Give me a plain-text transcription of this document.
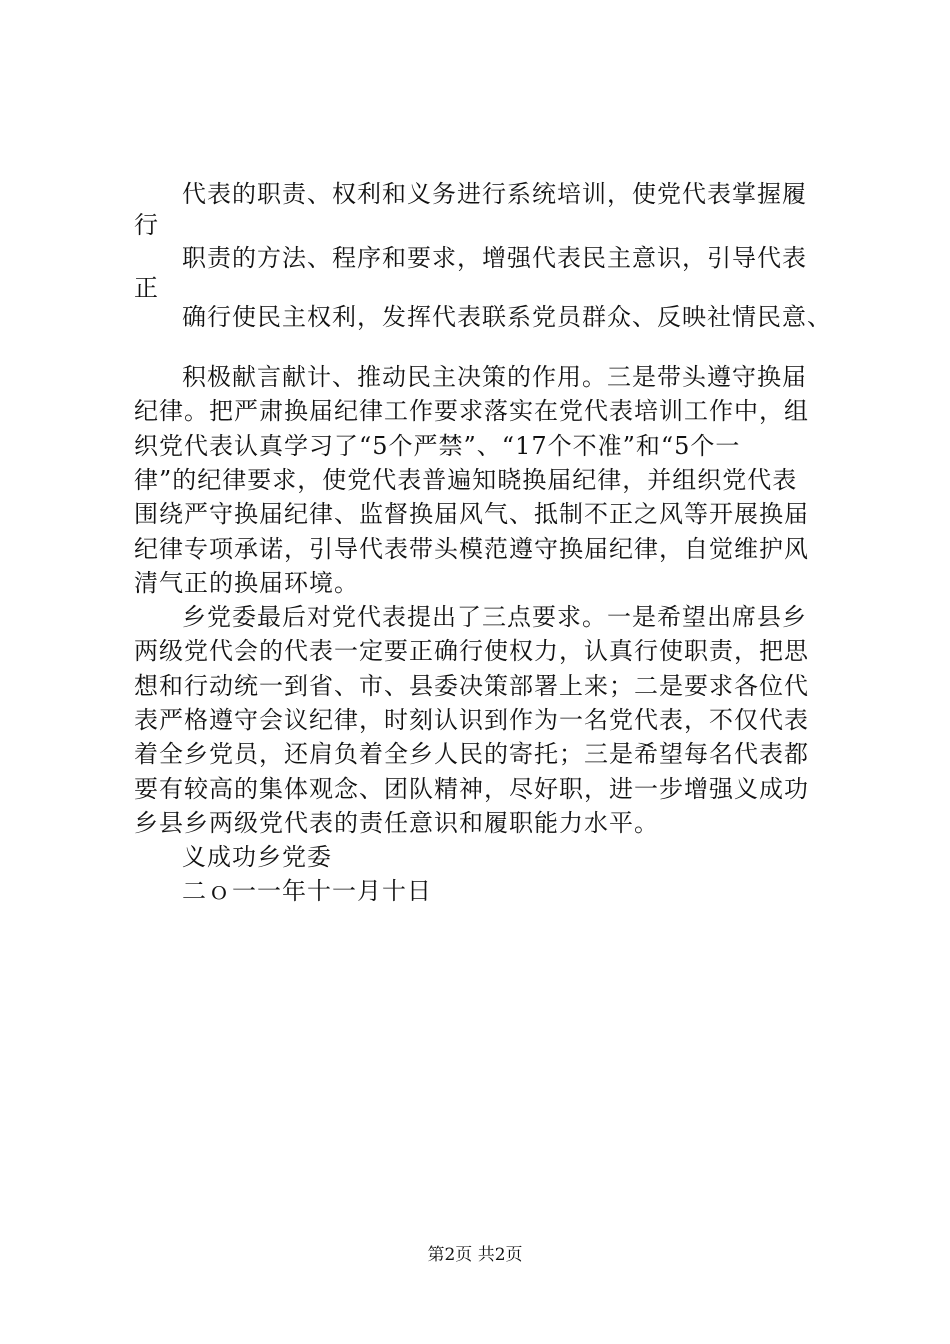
代表的职责、权利和义务进行系统培训，使党代表掌握履
行
职责的方法、程序和要求，增强代表民主意识，引导代表
正
确行使民主权利，发挥代表联系党员群众、反映社情民意、
积极献言献计、推动民主决策的作用。三是带头遵守换届
纪律。把严肃换届纪律工作要求落实在党代表培训工作中，组
织党代表认真学习了“5个严禁”、“17个不准”和“5个一
律”的纪律要求，使党代表普遍知晓换届纪律，并组织党代表
围绕严守换届纪律、监督换届风气、抵制不正之风等开展换届
纪律专项承诺，引导代表带头模范遵守换届纪律，自觉维护风
清气正的换届环境。
乡党委最后对党代表提出了三点要求。一是希望出席县乡
两级党代会的代表一定要正确行使权力，认真行使职责，把思
想和行动统一到省、市、县委决策部署上来；二是要求各位代
表严格遵守会议纪律，时刻认识到作为一名党代表，不仅代表
着全乡党员，还肩负着全乡人民的寄托；三是希望每名代表都
要有较高的集体观念、团队精神，尽好职，进一步增强义成功
乡县乡两级党代表的责任意识和履职能力水平。
义成功乡党委
二ｏ一一年十一月十日
第2页 共2页
